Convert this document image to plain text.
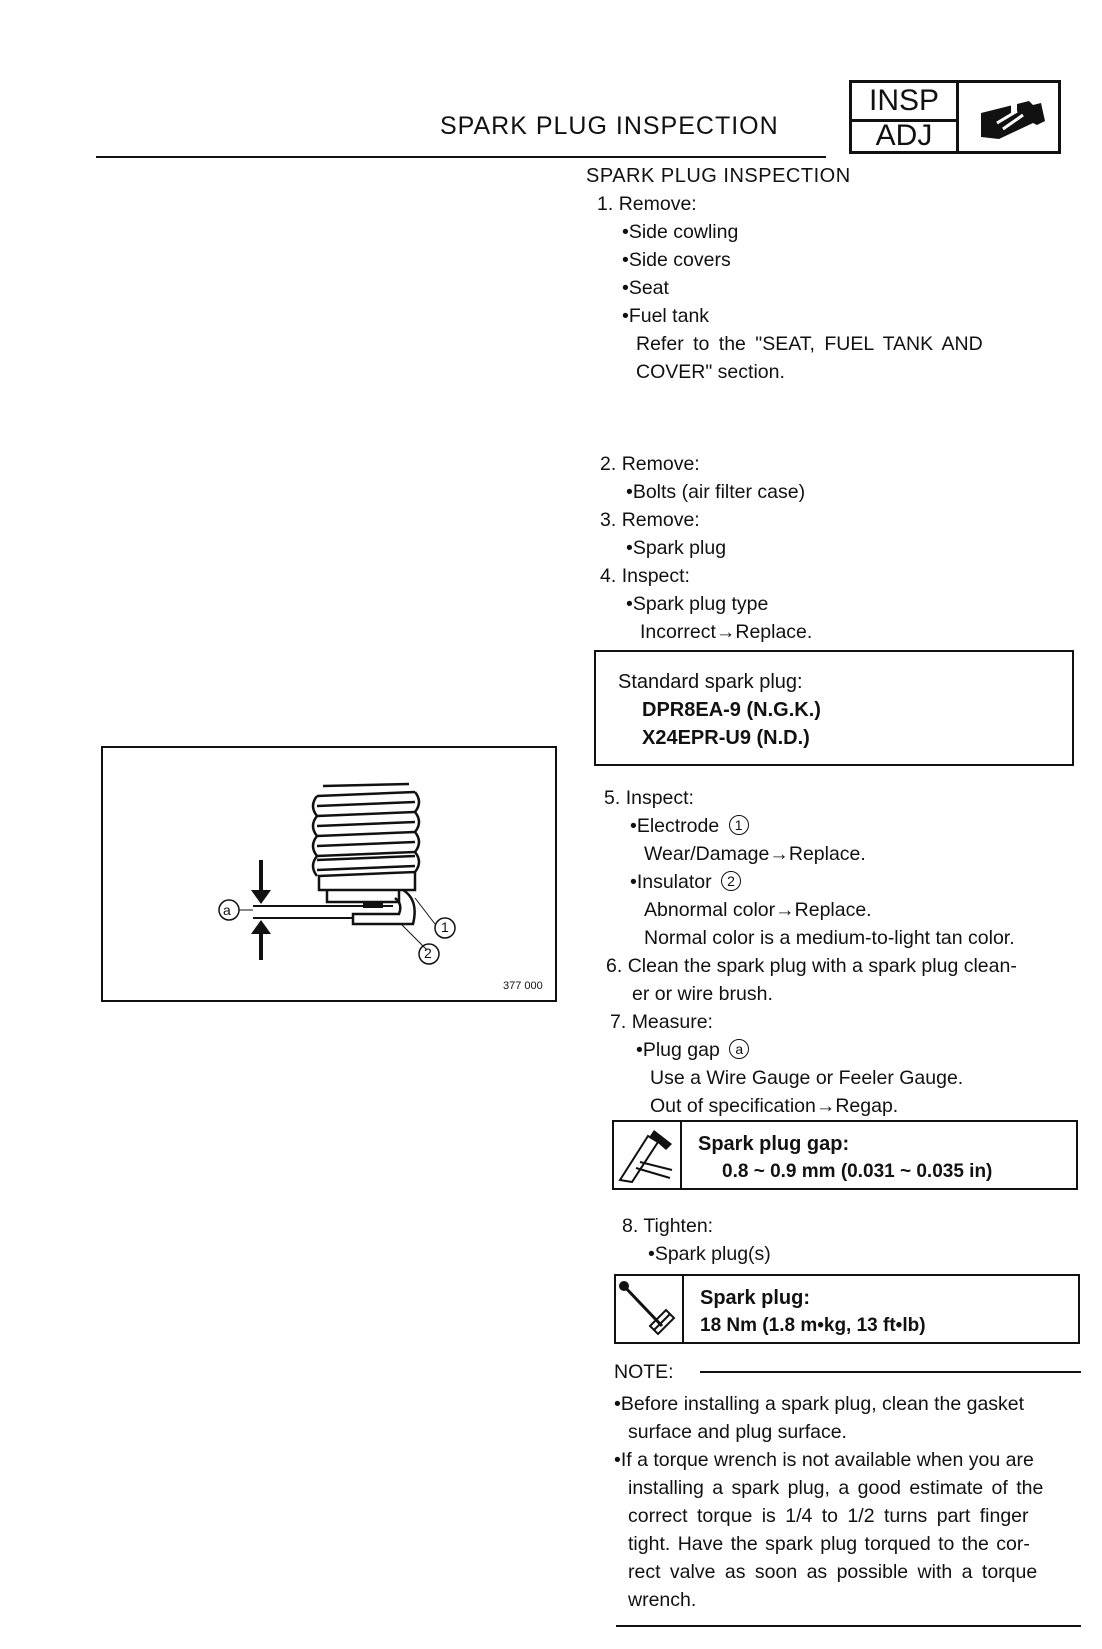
SPARK PLUG INSPECTION
INSP
ADJ
SPARK PLUG INSPECTION
1. Remove:
•Side cowling
•Side covers
•Seat
•Fuel tank
Refer to the "SEAT, FUEL TANK AND
COVER" section.
2. Remove:
•Bolts (air filter case)
3. Remove:
•Spark plug
4. Inspect:
•Spark plug type
Incorrect→Replace.
Standard spark plug:
DPR8EA-9 (N.G.K.)
X24EPR-U9 (N.D.)
a
1
2
377 000
5. Inspect:
•Electrode 1
Wear/Damage→Replace.
•Insulator 2
Abnormal color→Replace.
Normal color is a medium-to-light tan color.
6. Clean the spark plug with a spark plug clean-
er or wire brush.
7. Measure:
•Plug gap a
Use a Wire Gauge or Feeler Gauge.
Out of specification→Regap.
Spark plug gap:
0.8 ~ 0.9 mm (0.031 ~ 0.035 in)
8. Tighten:
•Spark plug(s)
Spark plug:
18 Nm (1.8 m•kg, 13 ft•lb)
NOTE:
•Before installing a spark plug, clean the gasket
surface and plug surface.
•If a torque wrench is not available when you are
installing a spark plug, a good estimate of the
correct torque is 1/4 to 1/2 turns part finger
tight. Have the spark plug torqued to the cor-
rect valve as soon as possible with a torque
wrench.
